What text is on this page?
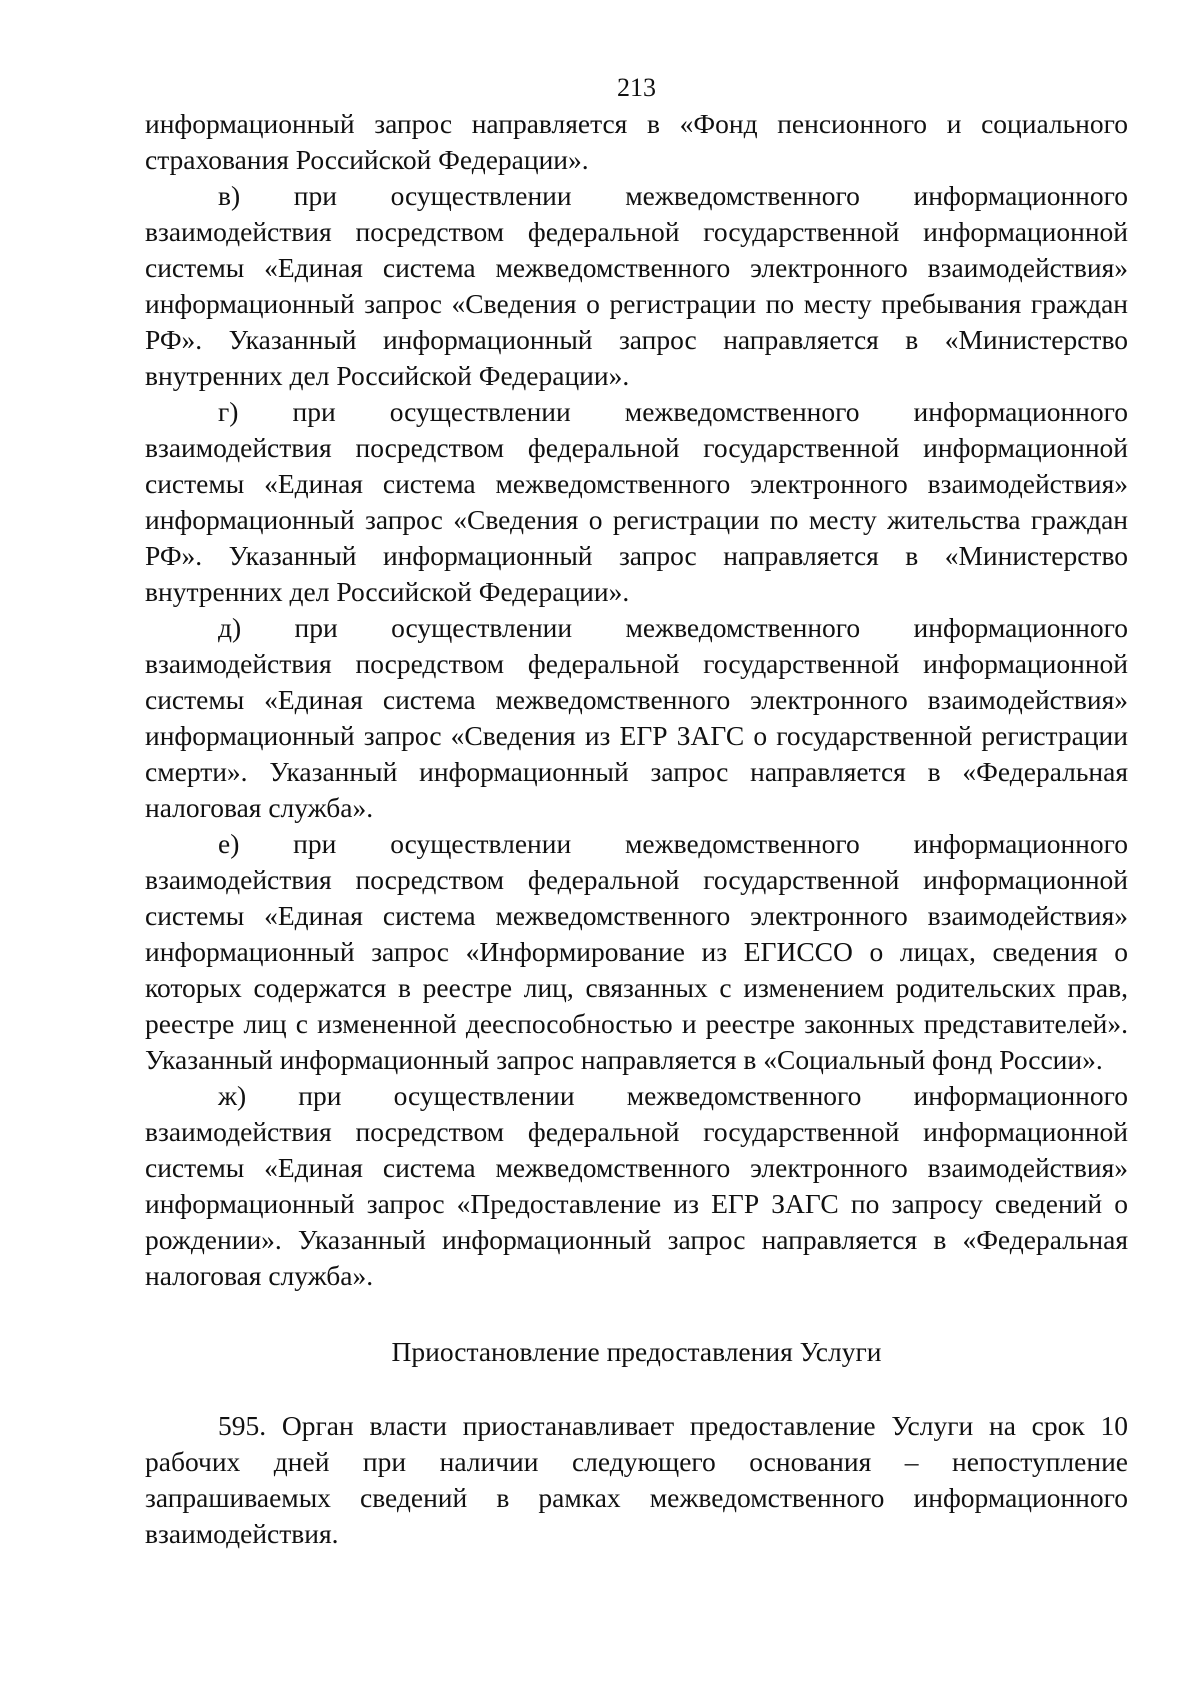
213

информационный запрос направляется в «Фонд пенсионного и социального страхования Российской Федерации».

в) при осуществлении межведомственного информационного взаимодействия посредством федеральной государственной информационной системы «Единая система межведомственного электронного взаимодействия» информационный запрос «Сведения о регистрации по месту пребывания граждан РФ». Указанный информационный запрос направляется в «Министерство внутренних дел Российской Федерации».

г) при осуществлении межведомственного информационного взаимодействия посредством федеральной государственной информационной системы «Единая система межведомственного электронного взаимодействия» информационный запрос «Сведения о регистрации по месту жительства граждан РФ». Указанный информационный запрос направляется в «Министерство внутренних дел Российской Федерации».

д) при осуществлении межведомственного информационного взаимодействия посредством федеральной государственной информационной системы «Единая система межведомственного электронного взаимодействия» информационный запрос «Сведения из ЕГР ЗАГС о государственной регистрации смерти». Указанный информационный запрос направляется в «Федеральная налоговая служба».

е) при осуществлении межведомственного информационного взаимодействия посредством федеральной государственной информационной системы «Единая система межведомственного электронного взаимодействия» информационный запрос «Информирование из ЕГИССО о лицах, сведения о которых содержатся в реестре лиц, связанных с изменением родительских прав, реестре лиц с измененной дееспособностью и реестре законных представителей». Указанный информационный запрос направляется в «Социальный фонд России».

ж) при осуществлении межведомственного информационного взаимодействия посредством федеральной государственной информационной системы «Единая система межведомственного электронного взаимодействия» информационный запрос «Предоставление из ЕГР ЗАГС по запросу сведений о рождении». Указанный информационный запрос направляется в «Федеральная налоговая служба».

Приостановление предоставления Услуги

595. Орган власти приостанавливает предоставление Услуги на срок 10 рабочих дней при наличии следующего основания – непоступление запрашиваемых сведений в рамках межведомственного информационного взаимодействия.
